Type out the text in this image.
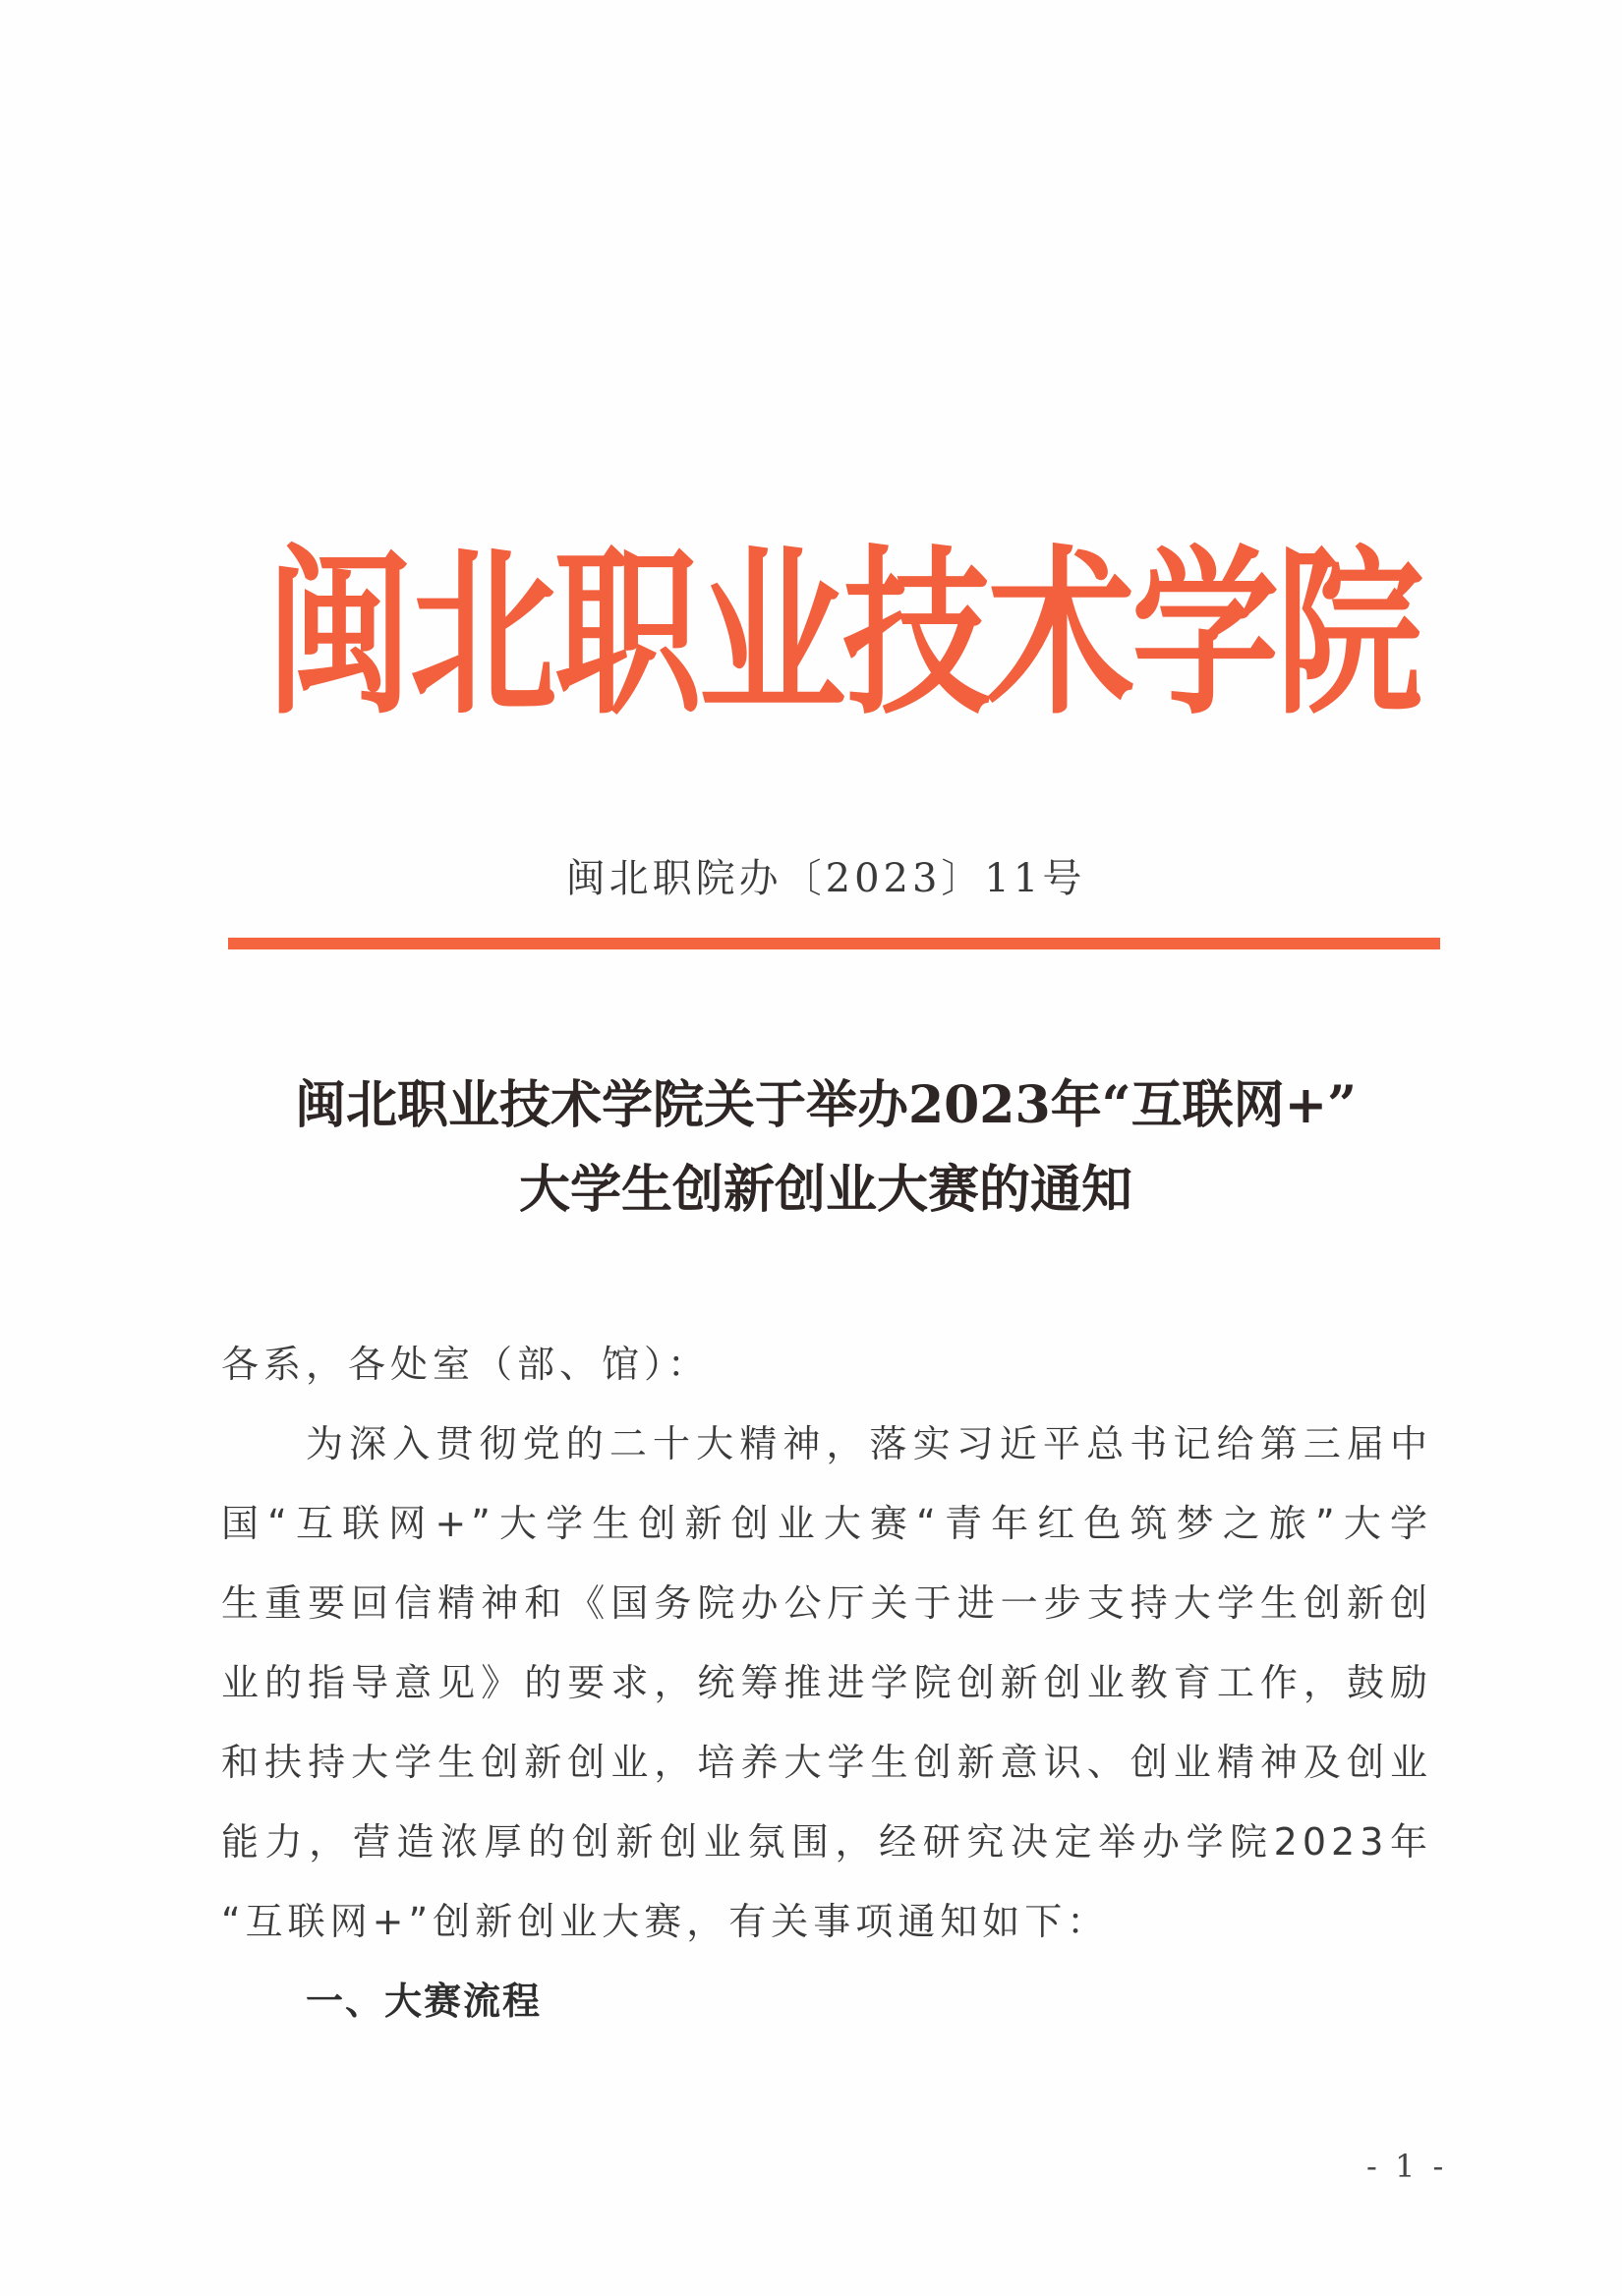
闽
北
职
业
技
术
学
院
闽北职院办〔2023〕11号
闽北职业技术学院关于举办2023年“互联网+”
大学生创新创业大赛的通知
各系，各处室（部、馆）：
为深入贯彻党的二十大精神，落实习近平总书记给第三届中
国“互联网+”大学生创新创业大赛“青年红色筑梦之旅”大学
生重要回信精神和《国务院办公厅关于进一步支持大学生创新创
业的指导意见》的要求，统筹推进学院创新创业教育工作，鼓励
和扶持大学生创新创业，培养大学生创新意识、创业精神及创业
能力，营造浓厚的创新创业氛围，经研究决定举办学院2023年
“互联网+”创新创业大赛，有关事项通知如下：
一、大赛流程
- 1 -
